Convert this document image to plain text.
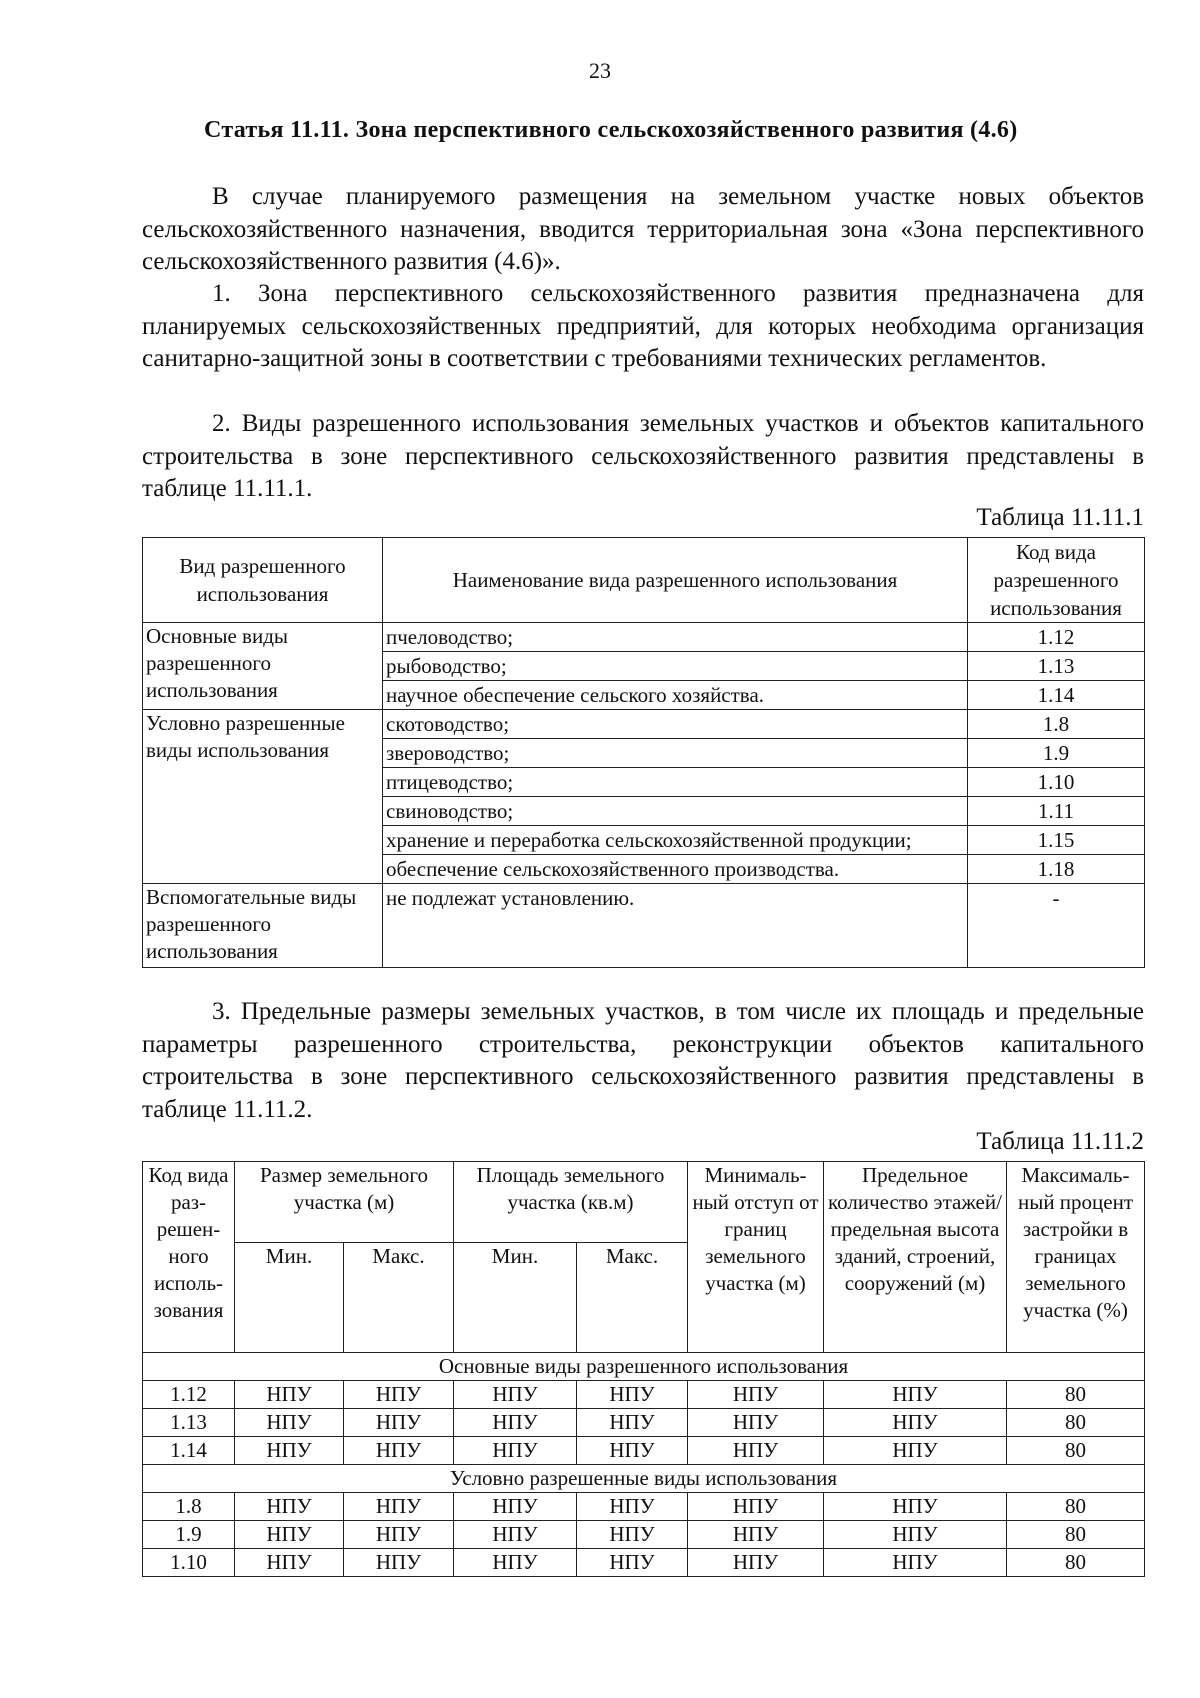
23
Статья 11.11. Зона перспективного сельскохозяйственного развития (4.6)

В случае планируемого размещения на земельном участке новых объектов сельскохозяйственного назначения, вводится территориальная зона «Зона перспективного сельскохозяйственного развития (4.6)».

1. Зона перспективного сельскохозяйственного развития предназначена для планируемых сельскохозяйственных предприятий, для которых необходима организация санитарно-защитной зоны в соответствии с требованиями технических регламентов.

2. Виды разрешенного использования земельных участков и объектов капитального строительства в зоне перспективного сельскохозяйственного развития представлены в таблице 11.11.1.

Таблица 11.11.1
Вид разрешенного использования	Наименование вида разрешенного использования	Код вида разрешенного использования
Основные виды разрешенного использования	пчеловодство;	1.12
	рыбоводство;	1.13
	научное обеспечение сельского хозяйства.	1.14
Условно разрешенные виды использования	скотоводство;	1.8
	звероводство;	1.9
	птицеводство;	1.10
	свиноводство;	1.11
	хранение и переработка сельскохозяйственной продукции;	1.15
	обеспечение сельскохозяйственного производства.	1.18
Вспомогательные виды разрешенного использования	не подлежат установлению.	-

3. Предельные размеры земельных участков, в том числе их площадь и предельные параметры разрешенного строительства, реконструкции объектов капитального строительства в зоне перспективного сельскохозяйственного развития представлены в таблице 11.11.2.

Таблица 11.11.2
Код вида раз-решен-ного исполь-зования	Размер земельного участка (м)		Площадь земельного участка (кв.м)		Минималь-ный отступ от границ земельного участка (м)	Предельное количество этажей/ предельная высота зданий, строений, сооружений (м)	Максималь-ный процент застройки в границах земельного участка (%)
	Мин.	Макс.	Мин.	Макс.			
Основные виды разрешенного использования							
1.12	НПУ	НПУ	НПУ	НПУ	НПУ	НПУ	80
1.13	НПУ	НПУ	НПУ	НПУ	НПУ	НПУ	80
1.14	НПУ	НПУ	НПУ	НПУ	НПУ	НПУ	80
Условно разрешенные виды использования							
1.8	НПУ	НПУ	НПУ	НПУ	НПУ	НПУ	80
1.9	НПУ	НПУ	НПУ	НПУ	НПУ	НПУ	80
1.10	НПУ	НПУ	НПУ	НПУ	НПУ	НПУ	80
